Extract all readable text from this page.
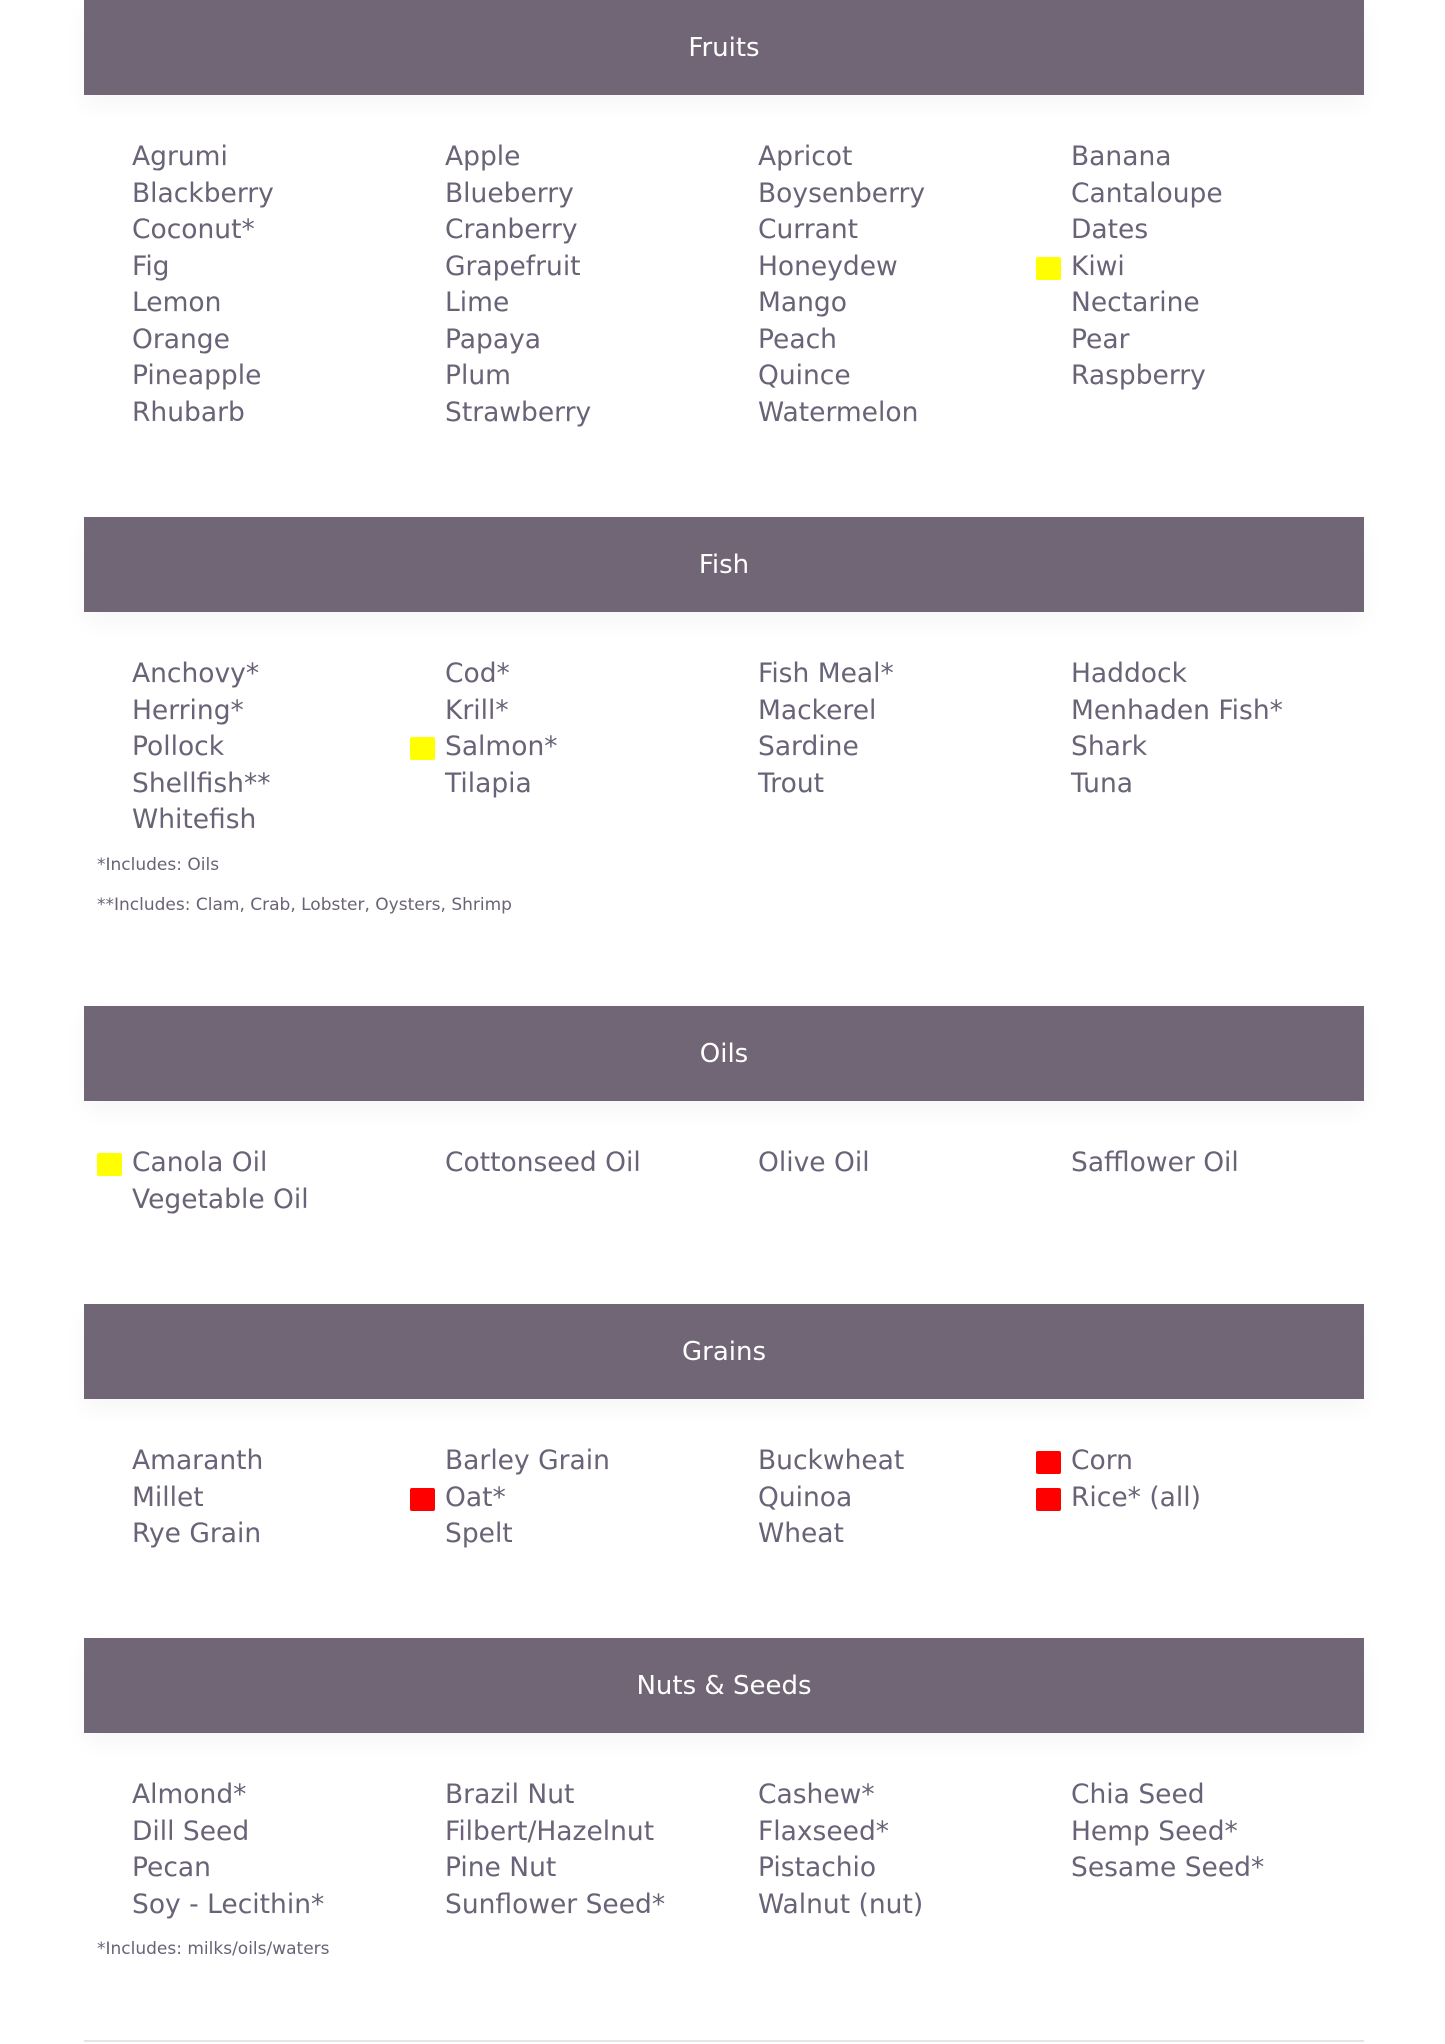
Fruits
Agrumi	Apple	Apricot	Banana
Blackberry	Blueberry	Boysenberry	Cantaloupe
Coconut*	Cranberry	Currant	Dates
Fig	Grapefruit	Honeydew	Kiwi
Lemon	Lime	Mango	Nectarine
Orange	Papaya	Peach	Pear
Pineapple	Plum	Quince	Raspberry
Rhubarb	Strawberry	Watermelon
Fish
Anchovy*	Cod*	Fish Meal*	Haddock
Herring*	Krill*	Mackerel	Menhaden Fish*
Pollock	Salmon*	Sardine	Shark
Shellfish**	Tilapia	Trout	Tuna
Whitefish
*Includes: Oils
**Includes: Clam, Crab, Lobster, Oysters, Shrimp
Oils
Canola Oil	Cottonseed Oil	Olive Oil	Safflower Oil
Vegetable Oil
Grains
Amaranth	Barley Grain	Buckwheat	Corn
Millet	Oat*	Quinoa	Rice* (all)
Rye Grain	Spelt	Wheat
Nuts & Seeds
Almond*	Brazil Nut	Cashew*	Chia Seed
Dill Seed	Filbert/Hazelnut	Flaxseed*	Hemp Seed*
Pecan	Pine Nut	Pistachio	Sesame Seed*
Soy - Lecithin*	Sunflower Seed*	Walnut (nut)
*Includes: milks/oils/waters
